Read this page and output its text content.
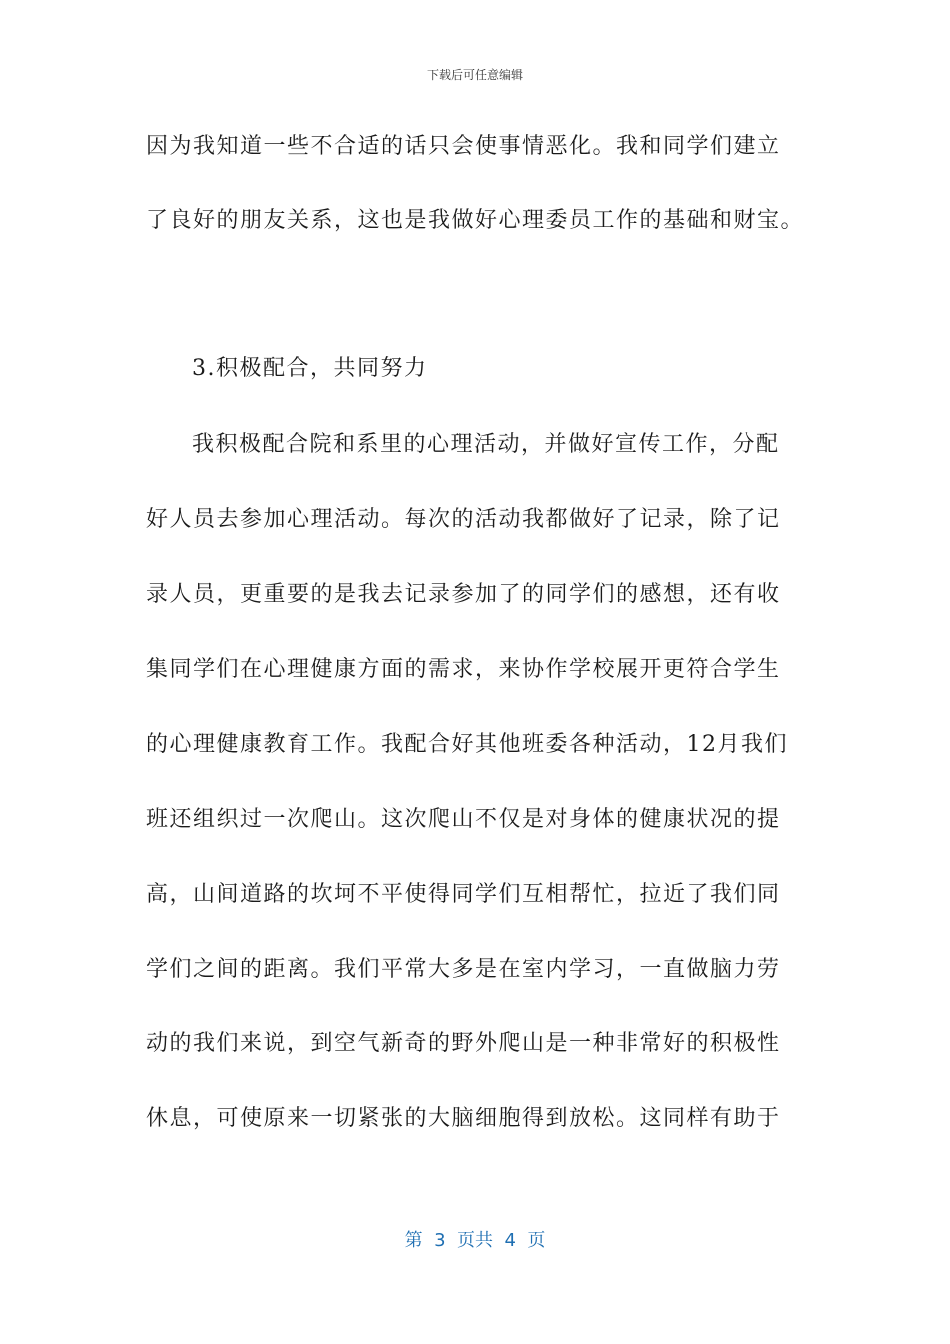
下载后可任意编辑
因为我知道一些不合适的话只会使事情恶化。我和同学们建立
了良好的朋友关系，这也是我做好心理委员工作的基础和财宝。
3.积极配合，共同努力
我积极配合院和系里的心理活动，并做好宣传工作，分配
好人员去参加心理活动。每次的活动我都做好了记录，除了记
录人员，更重要的是我去记录参加了的同学们的感想，还有收
集同学们在心理健康方面的需求，来协作学校展开更符合学生
的心理健康教育工作。我配合好其他班委各种活动，12月我们
班还组织过一次爬山。这次爬山不仅是对身体的健康状况的提
高，山间道路的坎坷不平使得同学们互相帮忙，拉近了我们同
学们之间的距离。我们平常大多是在室内学习，一直做脑力劳
动的我们来说，到空气新奇的野外爬山是一种非常好的积极性
休息，可使原来一切紧张的大脑细胞得到放松。这同样有助于
第  3  页共  4  页
